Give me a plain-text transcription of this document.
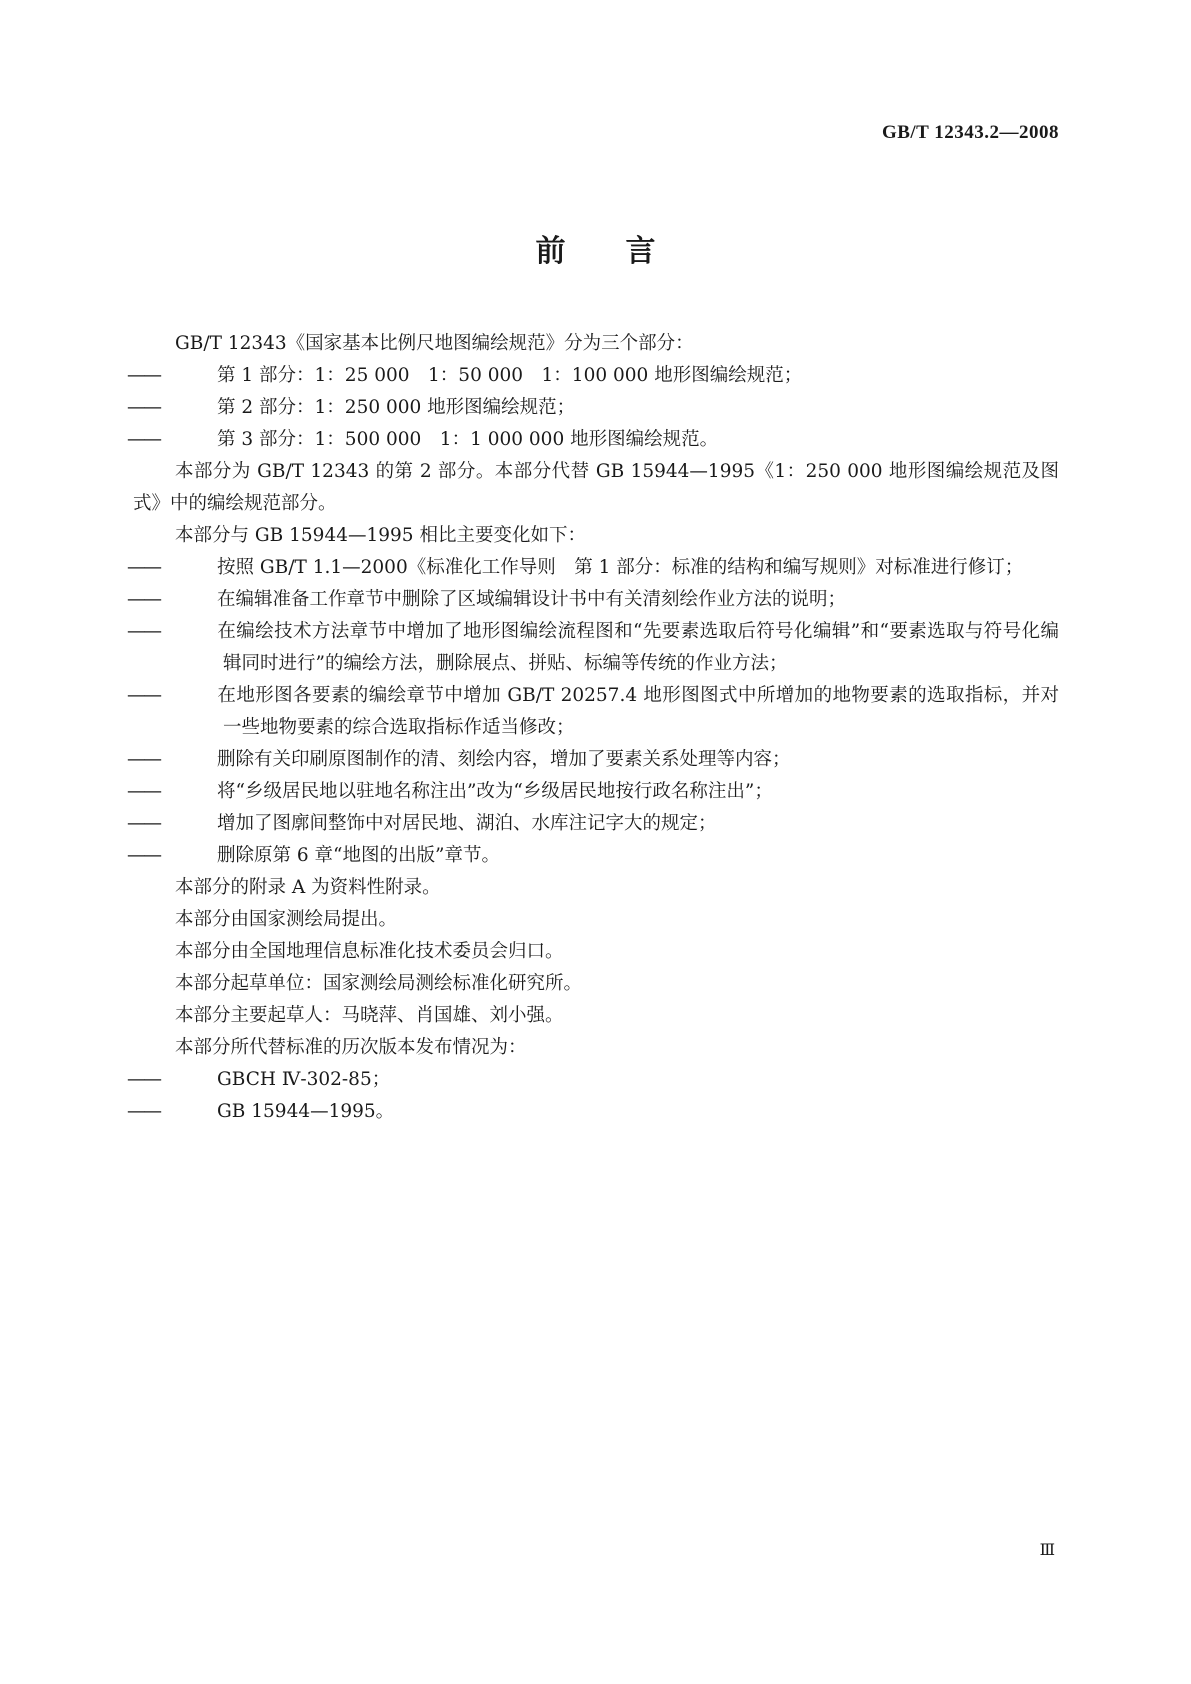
GB/T 12343.2—2008
前言

GB/T 12343《国家基本比例尺地图编绘规范》分为三个部分：

——	第 1 部分：1：25 000　1：50 000　1：100 000 地形图编绘规范；

——	第 2 部分：1：250 000 地形图编绘规范；

——	第 3 部分：1：500 000　1：1 000 000 地形图编绘规范。

本部分为 GB/T 12343 的第 2 部分。本部分代替 GB 15944—1995《1：250 000 地形图编绘规范及图式》中的编绘规范部分。

本部分与 GB 15944—1995 相比主要变化如下：

——	按照 GB/T 1.1—2000《标准化工作导则　第 1 部分：标准的结构和编写规则》对标准进行修订；

——	在编辑准备工作章节中删除了区域编辑设计书中有关清刻绘作业方法的说明；

——	在编绘技术方法章节中增加了地形图编绘流程图和“先要素选取后符号化编辑”和“要素选取与符号化编辑同时进行”的编绘方法，删除展点、拼贴、标编等传统的作业方法；

——	在地形图各要素的编绘章节中增加 GB/T 20257.4 地形图图式中所增加的地物要素的选取指标，并对一些地物要素的综合选取指标作适当修改；

——	删除有关印刷原图制作的清、刻绘内容，增加了要素关系处理等内容；

——	将“乡级居民地以驻地名称注出”改为“乡级居民地按行政名称注出”；

——	增加了图廓间整饰中对居民地、湖泊、水库注记字大的规定；

——	删除原第 6 章“地图的出版”章节。

本部分的附录 A 为资料性附录。

本部分由国家测绘局提出。

本部分由全国地理信息标准化技术委员会归口。

本部分起草单位：国家测绘局测绘标准化研究所。

本部分主要起草人：马晓萍、肖国雄、刘小强。

本部分所代替标准的历次版本发布情况为：

——	GBCH Ⅳ-302-85；

——	GB 15944—1995。

Ⅲ
